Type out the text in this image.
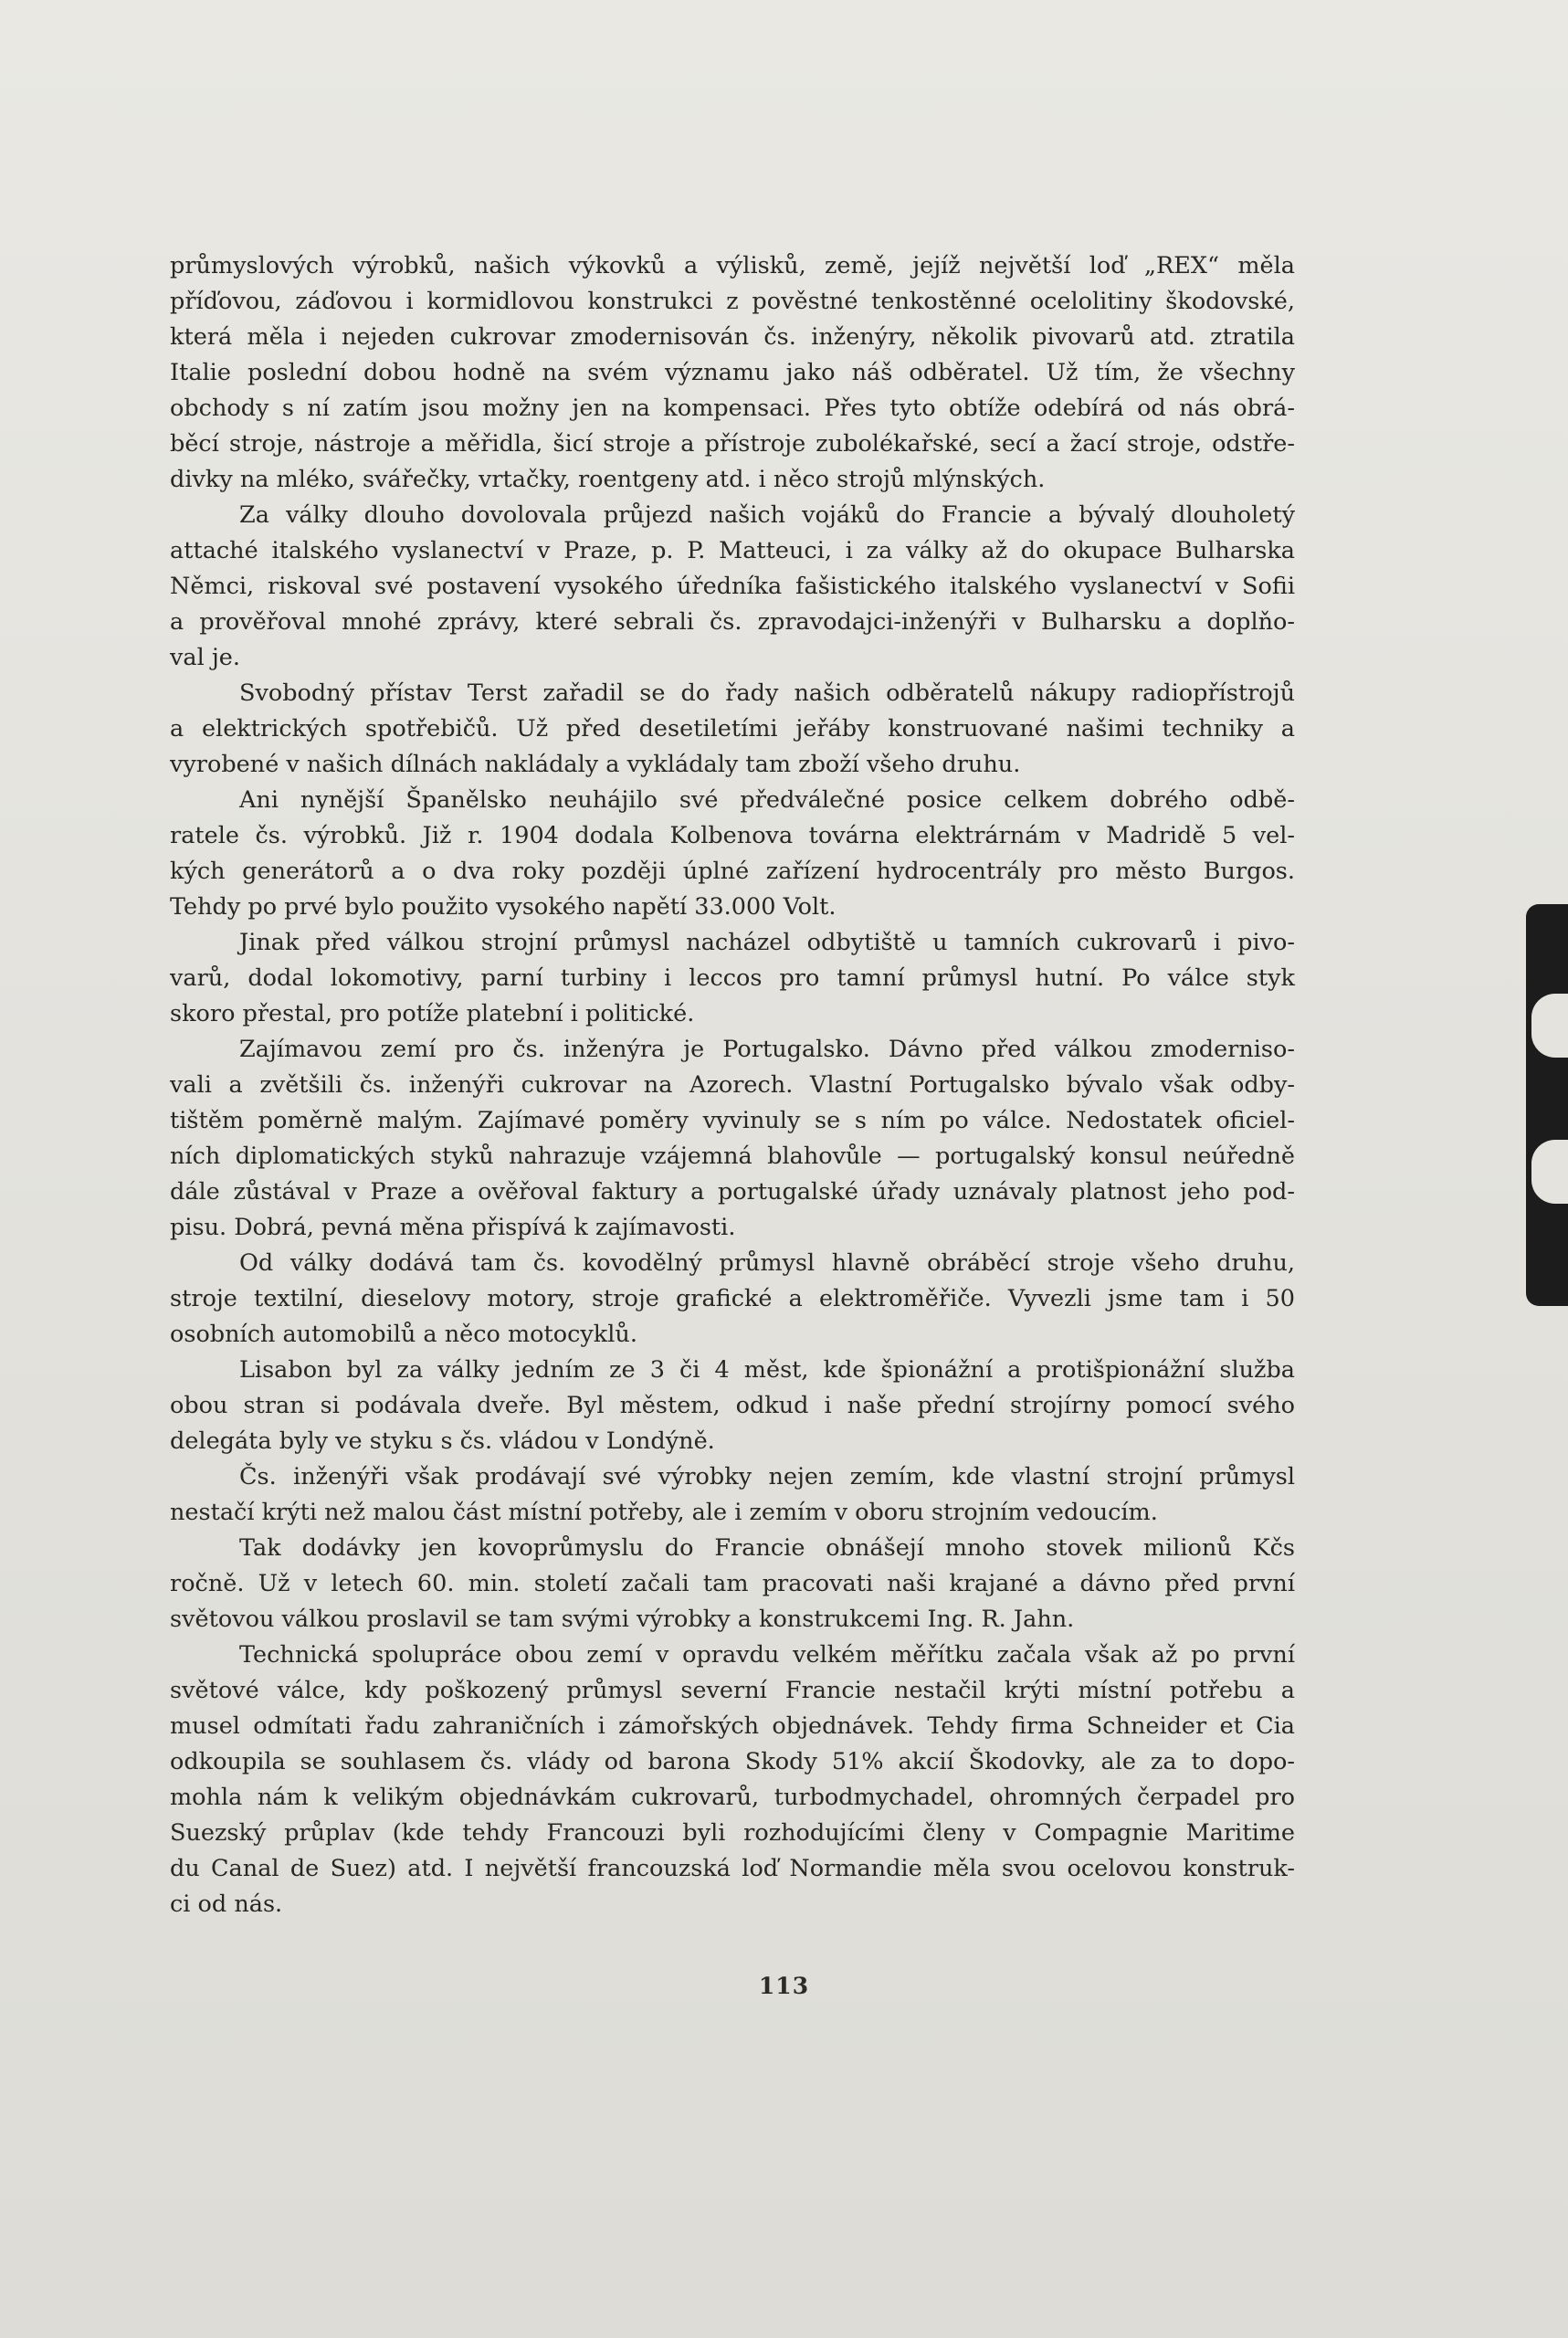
průmyslových výrobků, našich výkovků a výlisků, země, jejíž největší loď „REX“ měla
příďovou, záďovou i kormidlovou konstrukci z pověstné tenkostěnné ocelolitiny škodovské,
která měla i nejeden cukrovar zmodernisován čs. inženýry, několik pivovarů atd. ztratila
Italie poslední dobou hodně na svém významu jako náš odběratel. Už tím, že všechny
obchody s ní zatím jsou možny jen na kompensaci. Přes tyto obtíže odebírá od nás obrá-
běcí stroje, nástroje a měřidla, šicí stroje a přístroje zubolékařské, secí a žací stroje, odstře-
divky na mléko, svářečky, vrtačky, roentgeny atd. i něco strojů mlýnských.
Za války dlouho dovolovala průjezd našich vojáků do Francie a bývalý dlouholetý
attaché italského vyslanectví v Praze, p. P. Matteuci, i za války až do okupace Bulharska
Němci, riskoval své postavení vysokého úředníka fašistického italského vyslanectví v Sofii
a prověřoval mnohé zprávy, které sebrali čs. zpravodajci-inženýři v Bulharsku a doplňo-
val je.
Svobodný přístav Terst zařadil se do řady našich odběratelů nákupy radiopřístrojů
a elektrických spotřebičů. Už před desetiletími jeřáby konstruované našimi techniky a
vyrobené v našich dílnách nakládaly a vykládaly tam zboží všeho druhu.
Ani nynější Španělsko neuhájilo své předválečné posice celkem dobrého odbě-
ratele čs. výrobků. Již r. 1904 dodala Kolbenova továrna elektrárnám v Madridě 5 vel-
kých generátorů a o dva roky později úplné zařízení hydrocentrály pro město Burgos.
Tehdy po prvé bylo použito vysokého napětí 33.000 Volt.
Jinak před válkou strojní průmysl nacházel odbytiště u tamních cukrovarů i pivo-
varů, dodal lokomotivy, parní turbiny i leccos pro tamní průmysl hutní. Po válce styk
skoro přestal, pro potíže platební i politické.
Zajímavou zemí pro čs. inženýra je Portugalsko. Dávno před válkou zmoderniso-
vali a zvětšili čs. inženýři cukrovar na Azorech. Vlastní Portugalsko bývalo však odby-
tištěm poměrně malým. Zajímavé poměry vyvinuly se s ním po válce. Nedostatek oficiel-
ních diplomatických styků nahrazuje vzájemná blahovůle — portugalský konsul neúředně
dále zůstával v Praze a ověřoval faktury a portugalské úřady uznávaly platnost jeho pod-
pisu. Dobrá, pevná měna přispívá k zajímavosti.
Od války dodává tam čs. kovodělný průmysl hlavně obráběcí stroje všeho druhu,
stroje textilní, dieselovy motory, stroje grafické a elektroměřiče. Vyvezli jsme tam i 50
osobních automobilů a něco motocyklů.
Lisabon byl za války jedním ze 3 či 4 měst, kde špionážní a protišpionážní služba
obou stran si podávala dveře. Byl městem, odkud i naše přední strojírny pomocí svého
delegáta byly ve styku s čs. vládou v Londýně.
Čs. inženýři však prodávají své výrobky nejen zemím, kde vlastní strojní průmysl
nestačí krýti než malou část místní potřeby, ale i zemím v oboru strojním vedoucím.
Tak dodávky jen kovoprůmyslu do Francie obnášejí mnoho stovek milionů Kčs
ročně. Už v letech 60. min. století začali tam pracovati naši krajané a dávno před první
světovou válkou proslavil se tam svými výrobky a konstrukcemi Ing. R. Jahn.
Technická spolupráce obou zemí v opravdu velkém měřítku začala však až po první
světové válce, kdy poškozený průmysl severní Francie nestačil krýti místní potřebu a
musel odmítati řadu zahraničních i zámořských objednávek. Tehdy firma Schneider et Cia
odkoupila se souhlasem čs. vlády od barona Skody 51% akcií Škodovky, ale za to dopo-
mohla nám k velikým objednávkám cukrovarů, turbodmychadel, ohromných čerpadel pro
Suezský průplav (kde tehdy Francouzi byli rozhodujícími členy v Compagnie Maritime
du Canal de Suez) atd. I největší francouzská loď Normandie měla svou ocelovou konstruk-
ci od nás.
113
